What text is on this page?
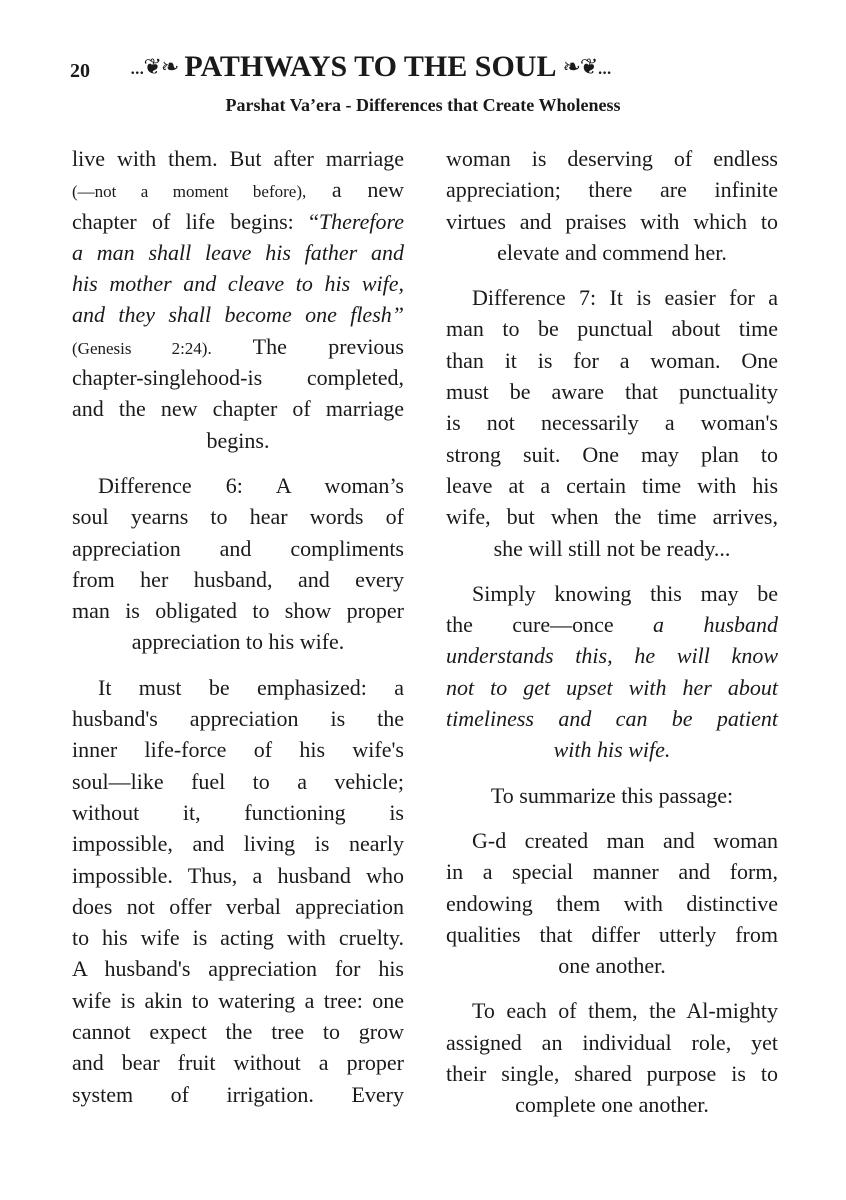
20 ...❦❧ PATHWAYS TO THE SOUL ❧❦...
Parshat Va’era - Differences that Create Wholeness
live with them. But after marriage
(—not a moment before), a new
chapter of life begins: “Therefore
a man shall leave his father and
his mother and cleave to his wife,
and they shall become one flesh”
(Genesis 2:24). The previous
chapter-singlehood-is completed,
and the new chapter of marriage
begins.
Difference 6: A woman’s
soul yearns to hear words of
appreciation and compliments
from her husband, and every
man is obligated to show proper
appreciation to his wife.
It must be emphasized: a
husband's appreciation is the
inner life-force of his wife's
soul—like fuel to a vehicle;
without it, functioning is
impossible, and living is nearly
impossible. Thus, a husband who
does not offer verbal appreciation
to his wife is acting with cruelty.
A husband's appreciation for his
wife is akin to watering a tree: one
cannot expect the tree to grow
and bear fruit without a proper
system of irrigation. Every
woman is deserving of endless
appreciation; there are infinite
virtues and praises with which to
elevate and commend her.
Difference 7: It is easier for a
man to be punctual about time
than it is for a woman. One
must be aware that punctuality
is not necessarily a woman's
strong suit. One may plan to
leave at a certain time with his
wife, but when the time arrives,
she will still not be ready...
Simply knowing this may be
the cure—once a husband
understands this, he will know
not to get upset with her about
timeliness and can be patient
with his wife.
To summarize this passage:
G-d created man and woman
in a special manner and form,
endowing them with distinctive
qualities that differ utterly from
one another.
To each of them, the Al-mighty
assigned an individual role, yet
their single, shared purpose is to
complete one another.
